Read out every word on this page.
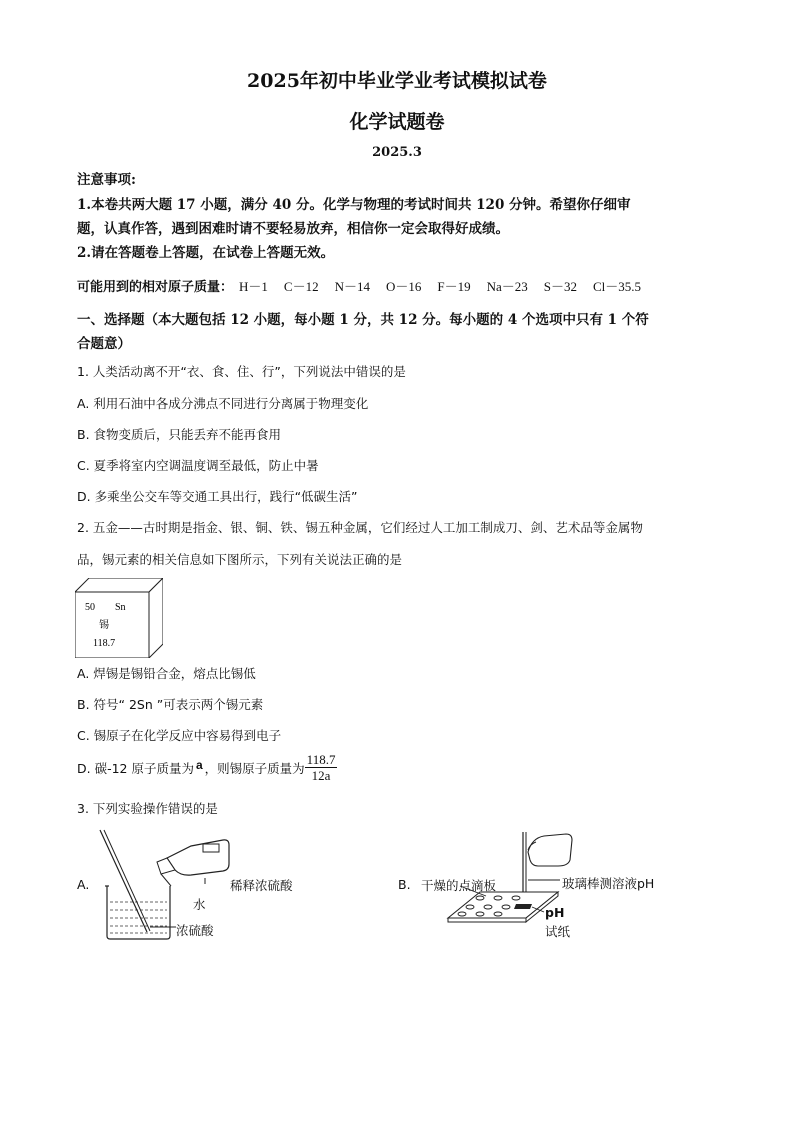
2025年初中毕业学业考试模拟试卷
化学试题卷
2025.3
注意事项:
1.本卷共两大题 17 小题，满分 40 分。化学与物理的考试时间共 120 分钟。希望你仔细审
题，认真作答，遇到困难时请不要轻易放弃，相信你一定会取得好成绩。
2.请在答题卷上答题，在试卷上答题无效。
可能用到的相对原子质量： H－1 C－12 N－14 O－16 F－19 Na－23 S－32 Cl－35.5
一、选择题（本大题包括 12 小题，每小题 1 分，共 12 分。每小题的 4 个选项中只有 1 个符
合题意）
1. 人类活动离不开“衣、食、住、行”，下列说法中错误的是
A. 利用石油中各成分沸点不同进行分离属于物理变化
B. 食物变质后，只能丢弃不能再食用
C. 夏季将室内空调温度调至最低，防止中暑
D. 多乘坐公交车等交通工具出行，践行“低碳生活”
2. 五金——古时期是指金、银、铜、铁、锡五种金属，它们经过人工加工制成刀、剑、艺术品等金属物
品，锡元素的相关信息如下图所示，下列有关说法正确的是
50 Sn
锡
118.7
A. 焊锡是锡铅合金，熔点比锡低
B. 符号“ 2Sn ”可表示两个锡元素
C. 锡原子在化学反应中容易得到电子
D. 碳-12 原子质量为 a ，则锡原子质量为 $\frac{118.7}{12a}$
3. 下列实验操作错误的是
A.	稀释浓硫酸
水
浓硫酸
B. 干燥的点滴板	玻璃棒测溶液pH
pH
试纸
